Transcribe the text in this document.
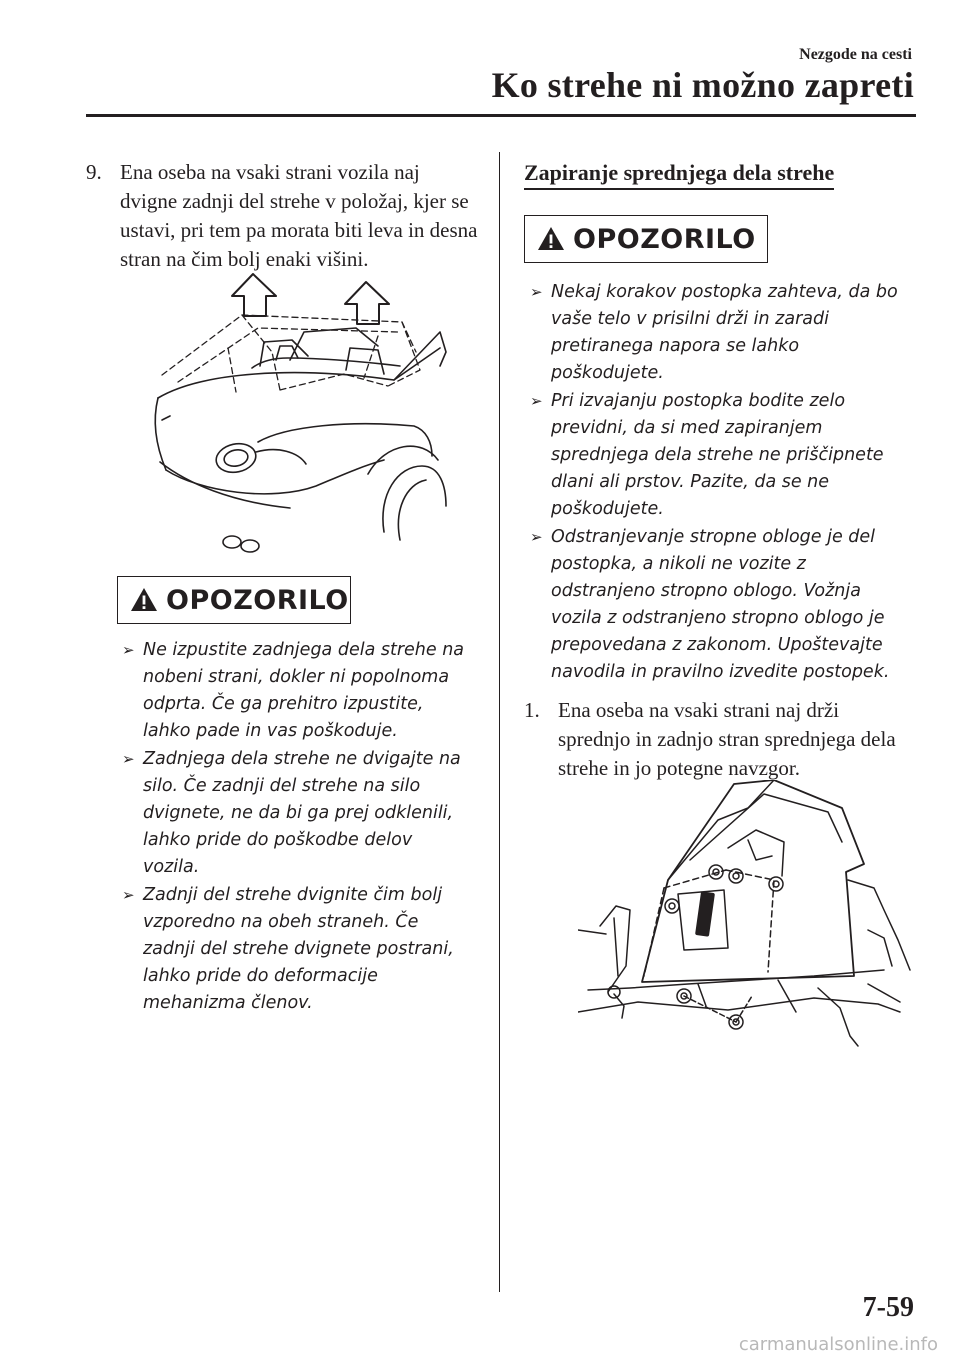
Nezgode na cesti
Ko strehe ni možno zapreti
9. Ena oseba na vsaki strani vozila naj dvigne zadnji del strehe v položaj, kjer se ustavi, pri tem pa morata biti leva in desna stran na čim bolj enaki višini.
OPOZORILO
➢ Ne izpustite zadnjega dela strehe na nobeni strani, dokler ni popolnoma odprta. Če ga prehitro izpustite, lahko pade in vas poškoduje.
➢ Zadnjega dela strehe ne dvigajte na silo. Če zadnji del strehe na silo dvignete, ne da bi ga prej odklenili, lahko pride do poškodbe delov vozila.
➢ Zadnji del strehe dvignite čim bolj vzporedno na obeh straneh. Če zadnji del strehe dvignete postrani, lahko pride do deformacije mehanizma členov.
Zapiranje sprednjega dela strehe
OPOZORILO
➢ Nekaj korakov postopka zahteva, da bo vaše telo v prisilni drži in zaradi pretiranega napora se lahko poškodujete.
➢ Pri izvajanju postopka bodite zelo previdni, da si med zapiranjem sprednjega dela strehe ne priščipnete dlani ali prstov. Pazite, da se ne poškodujete.
➢ Odstranjevanje stropne obloge je del postopka, a nikoli ne vozite z odstranjeno stropno oblogo. Vožnja vozila z odstranjeno stropno oblogo je prepovedana z zakonom. Upoštevajte navodila in pravilno izvedite postopek.
1. Ena oseba na vsaki strani naj drži sprednjo in zadnjo stran sprednjega dela strehe in jo potegne navzgor.
7-59
carmanualsonline.info
